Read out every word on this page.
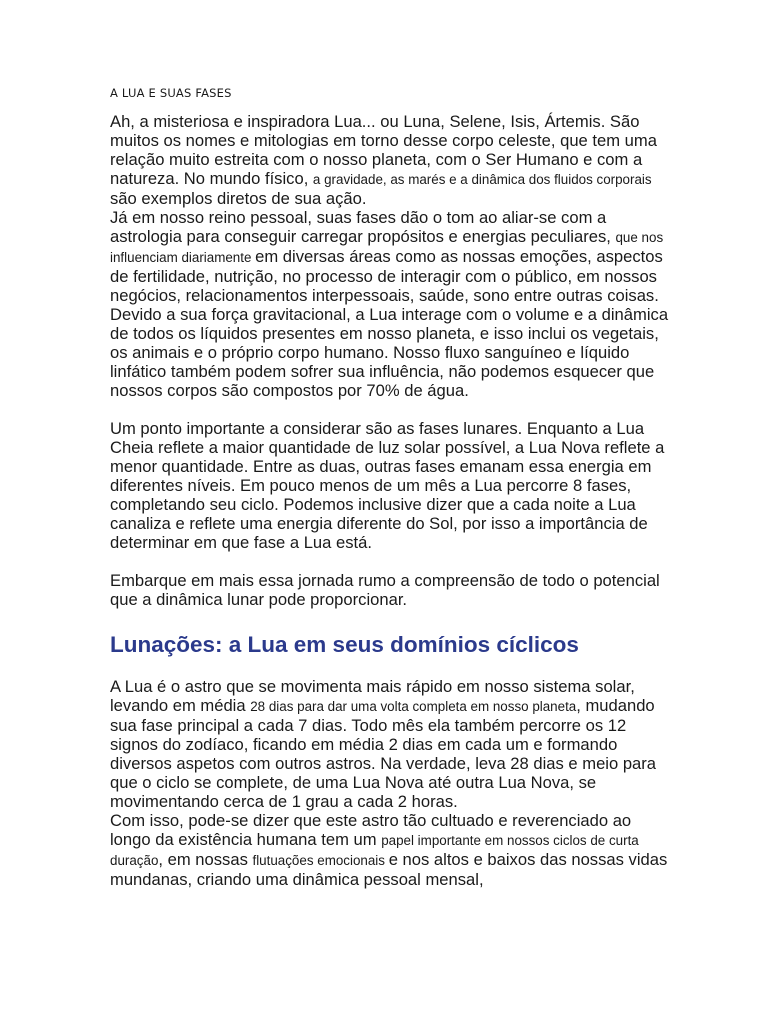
A LUA E SUAS FASES

Ah, a misteriosa e inspiradora Lua... ou Luna, Selene, Isis, Ártemis. São muitos os nomes e mitologias em torno desse corpo celeste, que tem uma relação muito estreita com o nosso planeta, com o Ser Humano e com a natureza. No mundo físico, a gravidade, as marés e a dinâmica dos fluidos corporais são exemplos diretos de sua ação.

Já em nosso reino pessoal, suas fases dão o tom ao aliar-se com a astrologia para conseguir carregar propósitos e energias peculiares, que nos influenciam diariamente em diversas áreas como as nossas emoções, aspectos de fertilidade, nutrição, no processo de interagir com o público, em nossos negócios, relacionamentos interpessoais, saúde, sono entre outras coisas.

Devido a sua força gravitacional, a Lua interage com o volume e a dinâmica de todos os líquidos presentes em nosso planeta, e isso inclui os vegetais, os animais e o próprio corpo humano. Nosso fluxo sanguíneo e líquido linfático também podem sofrer sua influência, não podemos esquecer que nossos corpos são compostos por 70% de água.

Um ponto importante a considerar são as fases lunares. Enquanto a Lua Cheia reflete a maior quantidade de luz solar possível, a Lua Nova reflete a menor quantidade. Entre as duas, outras fases emanam essa energia em diferentes níveis. Em pouco menos de um mês a Lua percorre 8 fases, completando seu ciclo. Podemos inclusive dizer que a cada noite a Lua canaliza e reflete uma energia diferente do Sol, por isso a importância de determinar em que fase a Lua está.

Embarque em mais essa jornada rumo a compreensão de todo o potencial que a dinâmica lunar pode proporcionar.

Lunações: a Lua em seus domínios cíclicos

A Lua é o astro que se movimenta mais rápido em nosso sistema solar, levando em média 28 dias para dar uma volta completa em nosso planeta, mudando sua fase principal a cada 7 dias. Todo mês ela também percorre os 12 signos do zodíaco, ficando em média 2 dias em cada um e formando diversos aspetos com outros astros. Na verdade, leva 28 dias e meio para que o ciclo se complete, de uma Lua Nova até outra Lua Nova, se movimentando cerca de 1 grau a cada 2 horas.

Com isso, pode-se dizer que este astro tão cultuado e reverenciado ao longo da existência humana tem um papel importante em nossos ciclos de curta duração, em nossas flutuações emocionais e nos altos e baixos das nossas vidas mundanas, criando uma dinâmica pessoal mensal,
